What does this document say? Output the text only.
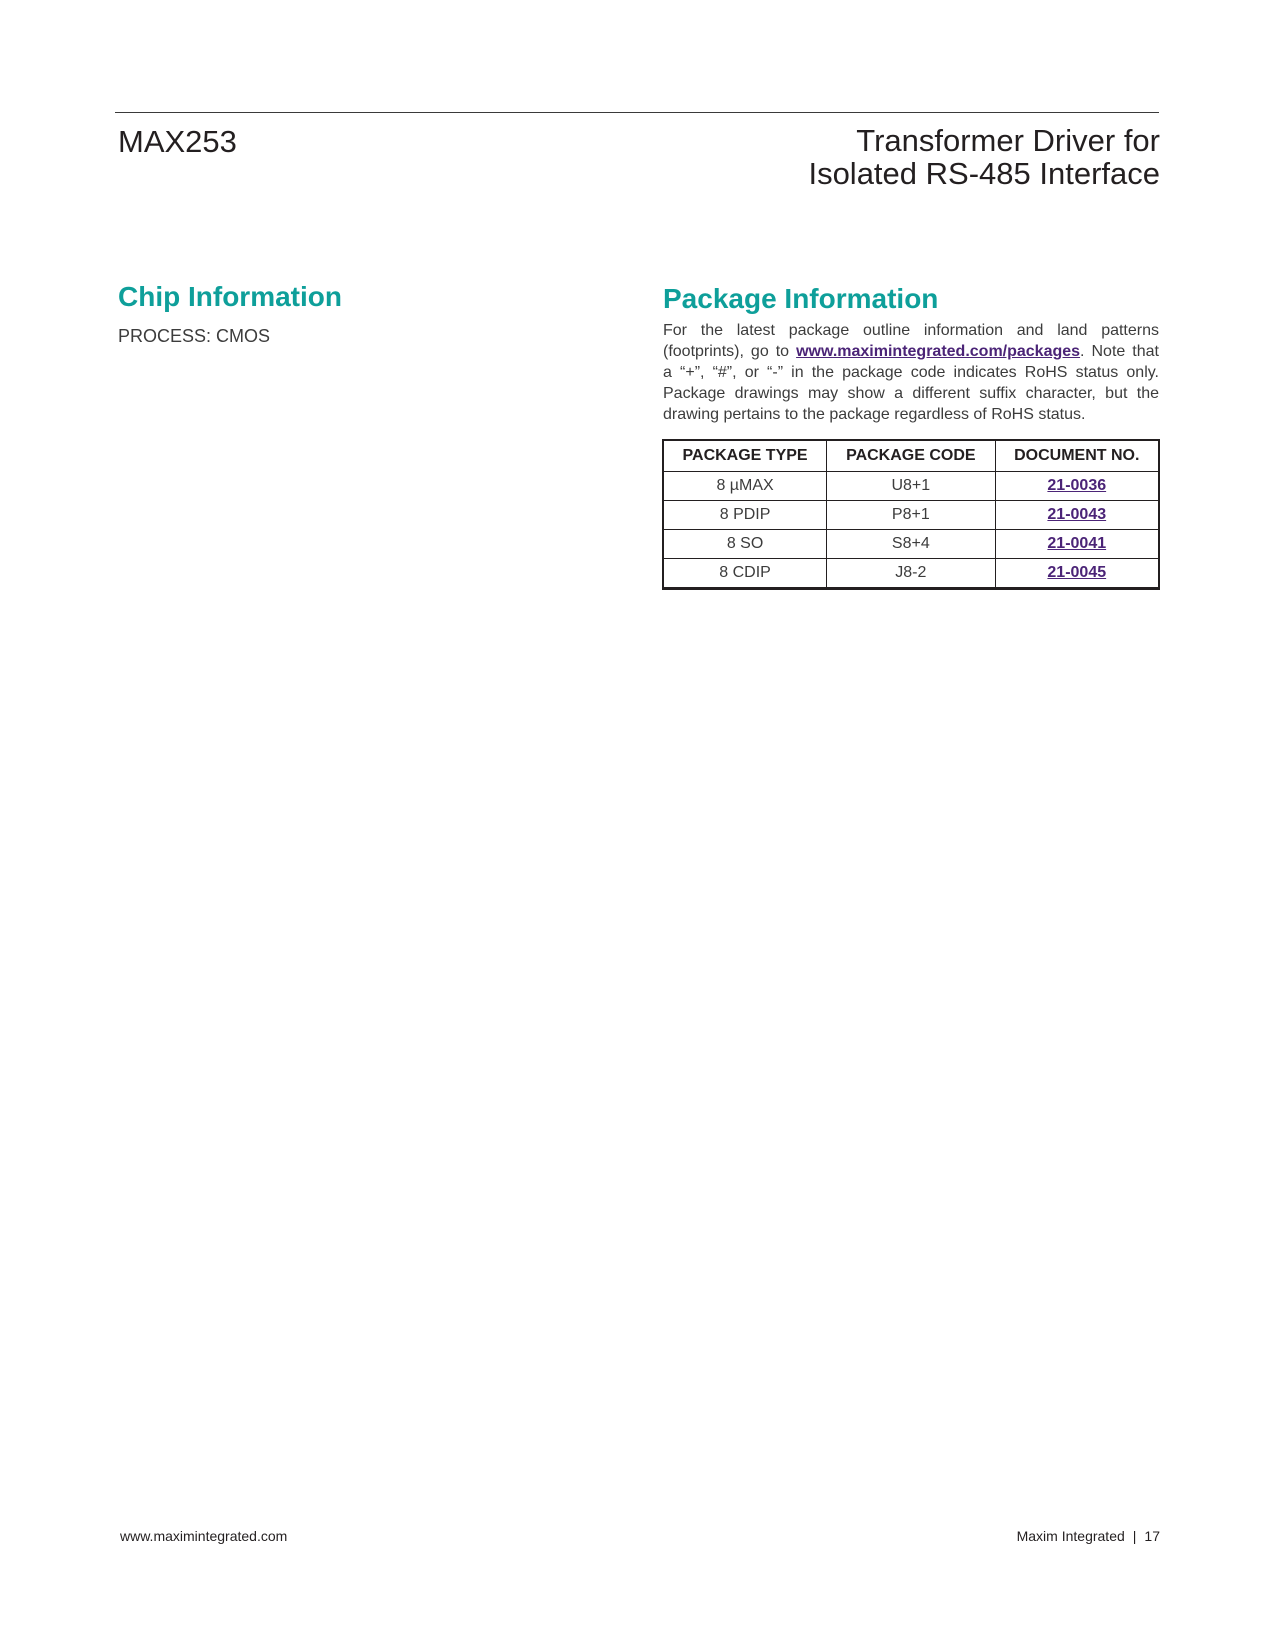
MAX253	Transformer Driver for
Isolated RS-485 Interface
Chip Information
PROCESS: CMOS
Package Information
For the latest package outline information and land patterns (footprints), go to www.maximintegrated.com/packages. Note that a “+”, “#”, or “-” in the package code indicates RoHS status only. Package drawings may show a different suffix character, but the drawing pertains to the package regardless of RoHS status.
PACKAGE TYPE	PACKAGE CODE	DOCUMENT NO.
8 µMAX	U8+1	21-0036
8 PDIP	P8+1	21-0043
8 SO	S8+4	21-0041
8 CDIP	J8-2	21-0045
www.maximintegrated.com	Maxim Integrated | 17
